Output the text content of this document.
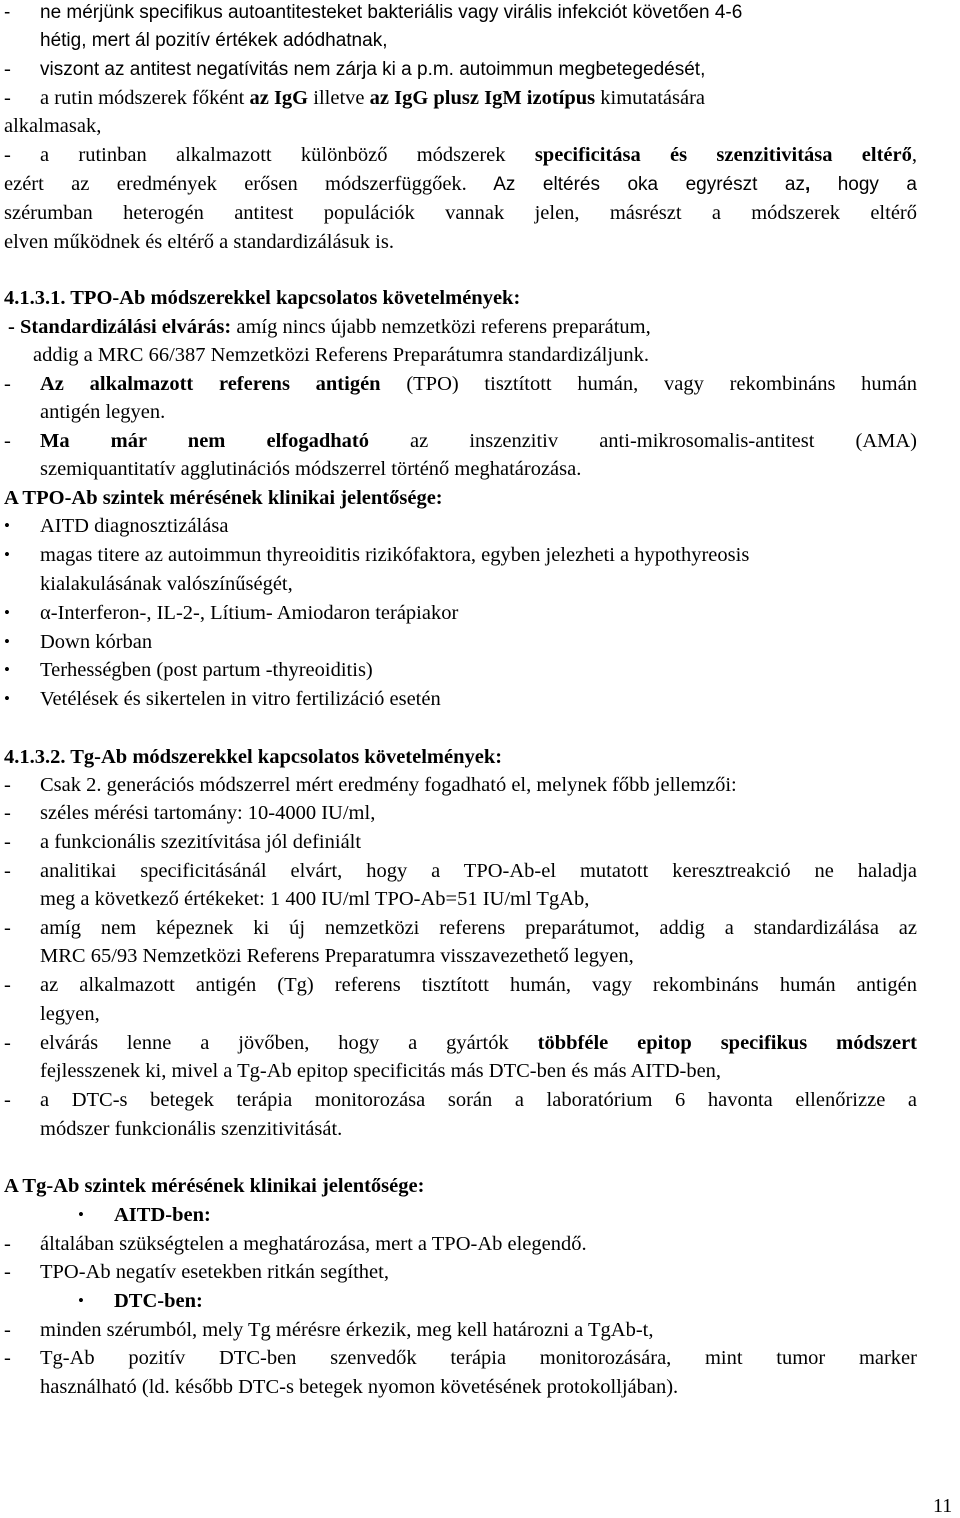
- ne mérjünk specifikus autoantitesteket bakteriális vagy virális infekciót követően 4-6
hétig, mert ál pozitív értékek adódhatnak,
- viszont az antitest negatívitás nem zárja ki a p.m. autoimmun megbetegedését,
- a rutin módszerek főként az IgG illetve az IgG plusz IgM izotípus kimutatására
alkalmasak,
- a rutinban alkalmazott különböző módszerek specificitása és szenzitivitása eltérő,
ezért az eredmények erősen módszerfüggőek. Az eltérés oka egyrészt az, hogy a
szérumban heterogén antitest populációk vannak jelen, másrészt a módszerek eltérő
elven működnek és eltérő a standardizálásuk is.
4.1.3.1. TPO-Ab módszerekkel kapcsolatos követelmények:
- Standardizálási elvárás: amíg nincs újabb nemzetközi referens preparátum,
addig a MRC 66/387 Nemzetközi Referens Preparátumra standardizáljunk.
- Az alkalmazott referens antigén (TPO) tisztított humán, vagy rekombináns humán
antigén legyen.
- Ma már nem elfogadható az inszenzitiv anti-mikrosomalis-antitest (AMA)
szemiquantitatív agglutinációs módszerrel történő meghatározása.
A TPO-Ab szintek mérésének klinikai jelentősége:
• AITD diagnosztizálása
• magas titere az autoimmun thyreoiditis rizikófaktora, egyben jelezheti a hypothyreosis
kialakulásának valószínűségét,
• α-Interferon-, IL-2-, Lítium- Amiodaron terápiakor
• Down kórban
• Terhességben (post partum -thyreoiditis)
• Vetélések és sikertelen in vitro fertilizáció esetén
4.1.3.2. Tg-Ab módszerekkel kapcsolatos követelmények:
- Csak 2. generációs módszerrel mért eredmény fogadható el, melynek főbb jellemzői:
- széles mérési tartomány: 10-4000 IU/ml,
- a funkcionális szezitívitása jól definiált
- analitikai specificitásánál elvárt, hogy a TPO-Ab-el mutatott keresztreakció ne haladja
meg a következő értékeket: 1 400 IU/ml TPO-Ab=51 IU/ml TgAb,
- amíg nem képeznek ki új nemzetközi referens preparátumot, addig a standardizálása az
MRC 65/93 Nemzetközi Referens Preparatumra visszavezethető legyen,
- az alkalmazott antigén (Tg) referens tisztított humán, vagy rekombináns humán antigén
legyen,
- elvárás lenne a jövőben, hogy a gyártók többféle epitop specifikus módszert
fejlesszenek ki, mivel a Tg-Ab epitop specificitás más DTC-ben és más AITD-ben,
- a DTC-s betegek terápia monitorozása során a laboratórium 6 havonta ellenőrizze a
módszer funkcionális szenzitivitását.
A Tg-Ab szintek mérésének klinikai jelentősége:
• AITD-ben:
- általában szükségtelen a meghatározása, mert a TPO-Ab elegendő.
- TPO-Ab negatív esetekben ritkán segíthet,
• DTC-ben:
- minden szérumból, mely Tg mérésre érkezik, meg kell határozni a TgAb-t,
- Tg-Ab pozitív DTC-ben szenvedők terápia monitorozására, mint tumor marker
használható (ld. később DTC-s betegek nyomon követésének protokolljában).
11
